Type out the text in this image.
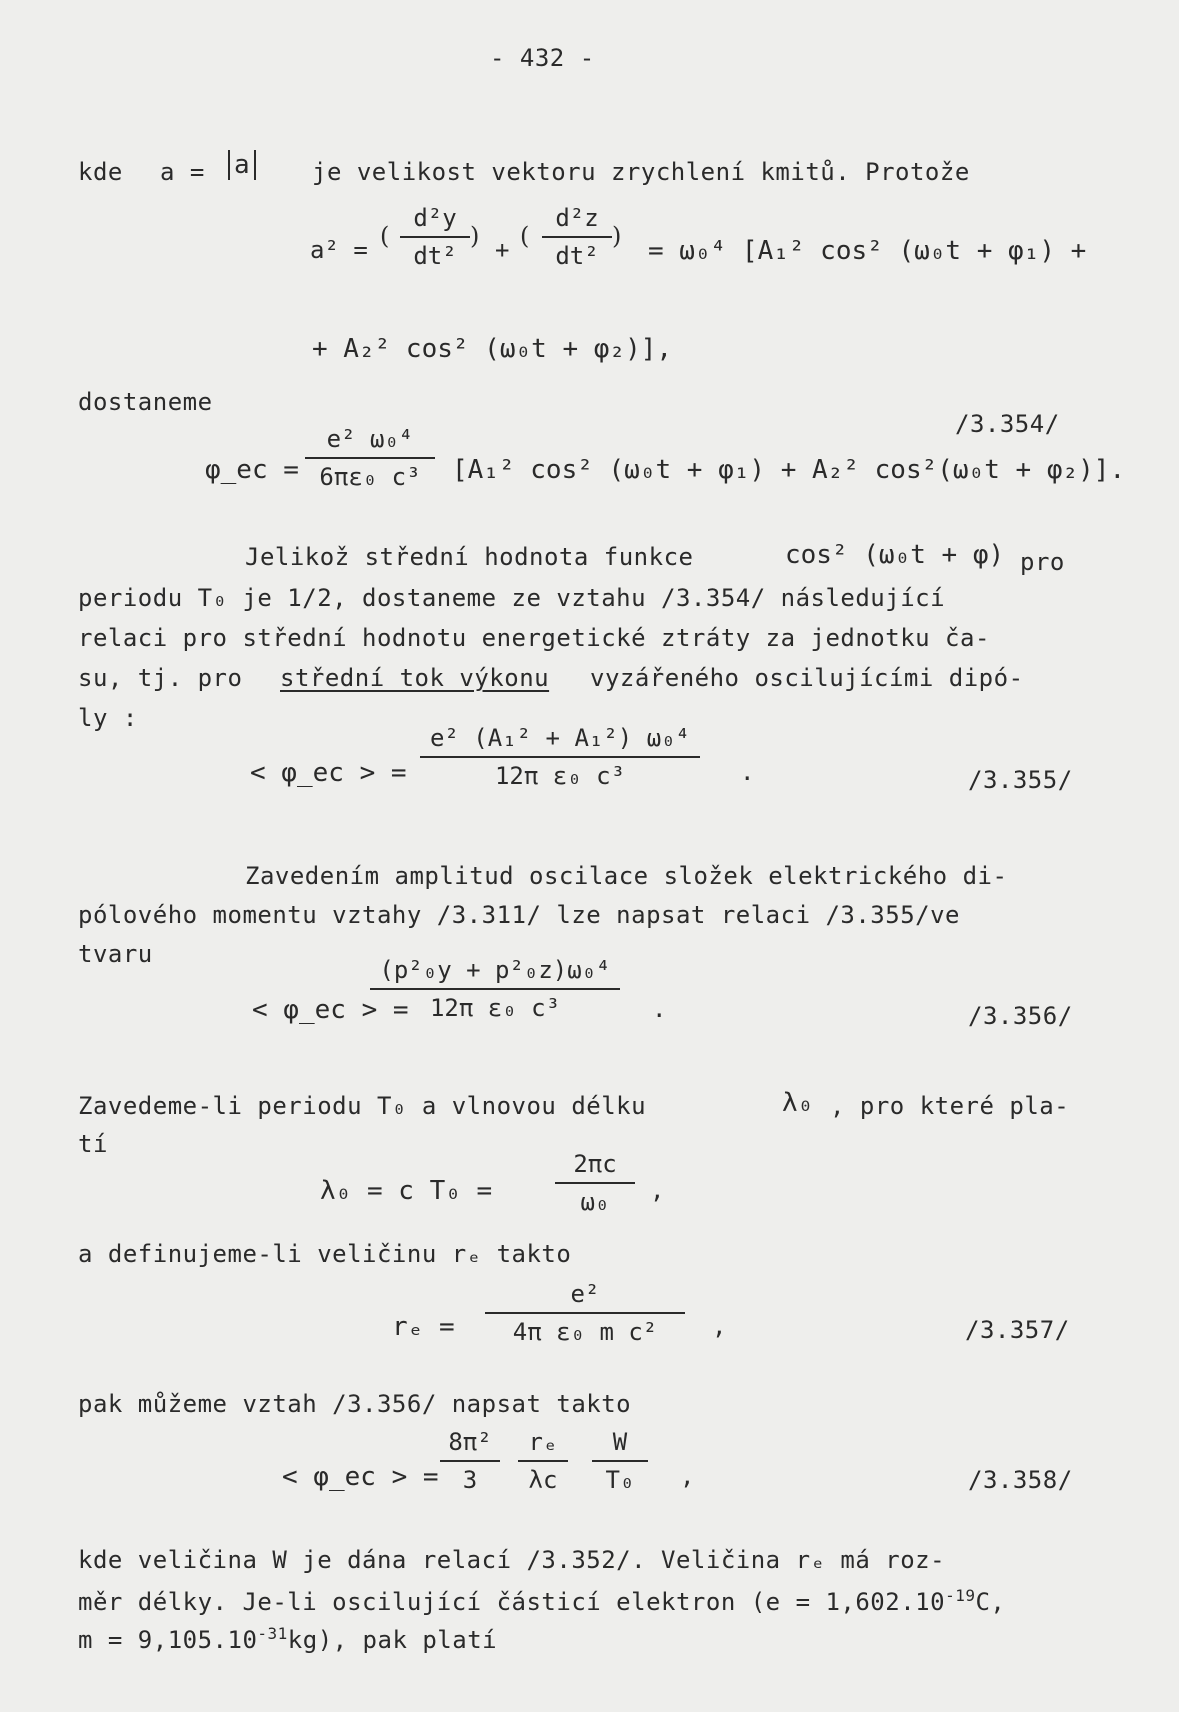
- 432 -
kde a = a	je velikost vektoru zrychlení kmitů. Protože
a² = (
d²y
dt²
) + (
d²z
dt²
) = ω₀⁴ [A₁² cos² (ω₀t + φ₁) +
+ A₂² cos² (ω₀t + φ₂)],
dostaneme
/3.354/
φ_ec =
e² ω₀⁴
6πε₀ c³	[A₁² cos² (ω₀t + φ₁) + A₂² cos²(ω₀t + φ₂)].
Jelikož střední hodnota funkce	cos² (ω₀t + φ) pro
periodu T₀ je 1/2, dostaneme ze vztahu /3.354/ následující
relaci pro střední hodnotu energetické ztráty za jednotku ča-
su, tj. pro střední tok výkonu vyzářeného oscilujícími dipó-
ly :
< φ_ec > =
e² (A₁² + A₁²) ω₀⁴
12π ε₀ c³	.	/3.355/
Zavedením amplitud oscilace složek elektrického di-
pólového momentu vztahy /3.311/ lze napsat relaci /3.355/ve
tvaru
< φ_ec > =
(p²₀y + p²₀z)ω₀⁴
12π ε₀ c³	.	/3.356/
Zavedeme-li periodu T₀ a vlnovou délku	λ₀ , pro které pla-
tí
λ₀ = c T₀ =
2πc
ω₀	,
a definujeme-li veličinu rₑ takto
rₑ =
e²
4π ε₀ m c²	,	/3.357/
pak můžeme vztah /3.356/ napsat takto
< φ_ec > =
8π²
3
rₑ
λc
W
T₀	,	/3.358/
kde veličina W je dána relací /3.352/. Veličina rₑ má roz-
měr délky. Je-li oscilující částicí elektron ($e = 1,602.10^{-19}C$,
$m = 9,105.10^{-31}kg$), pak platí
